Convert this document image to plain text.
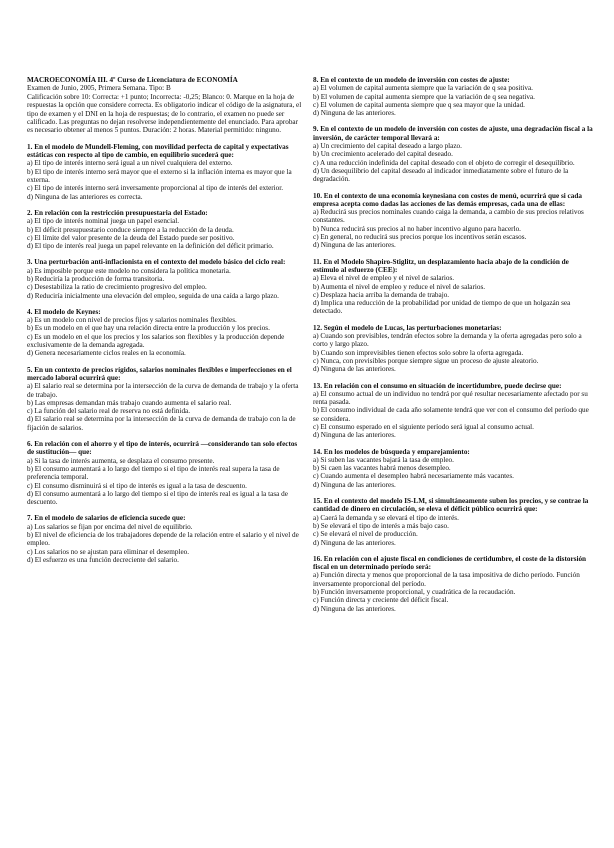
MACROECONOMÍA III. 4º Curso de Licenciatura de ECONOMÍA
Examen de Junio, 2005, Primera Semana. Tipo: B
Calificación sobre 10: Correcta: +1 punto; Incorrecta: -0,25; Blanco: 0. Marque en la hoja de respuestas la opción que considere correcta. Es obligatorio indicar el código de la asignatura, el tipo de examen y el DNI en la hoja de respuestas; de lo contrario, el examen no puede ser calificado. Las preguntas no dejan resolverse independientemente del enunciado. Para aprobar es necesario obtener al menos 5 puntos. Duración: 2 horas. Material permitido: ninguno.
1. En el modelo de Mundell-Fleming, con movilidad perfecta de capital y expectativas estáticas con respecto al tipo de cambio, en equilibrio sucederá que:
a) El tipo de interés interno será igual a un nivel cualquiera del externo.
b) El tipo de interés interno será mayor que el externo si la inflación interna es mayor que la externa.
c) El tipo de interés interno será inversamente proporcional al tipo de interés del exterior.
d) Ninguna de las anteriores es correcta.
2. En relación con la restricción presupuestaria del Estado:
a) El tipo de interés nominal juega un papel esencial.
b) El déficit presupuestario conduce siempre a la reducción de la deuda.
c) El límite del valor presente de la deuda del Estado puede ser positivo.
d) El tipo de interés real juega un papel relevante en la definición del déficit primario.
3. Una perturbación anti-inflacionista en el contexto del modelo básico del ciclo real:
a) Es imposible porque este modelo no considera la política monetaria.
b) Reduciría la producción de forma transitoria.
c) Desestabiliza la ratio de crecimiento progresivo del empleo.
d) Reduciría inicialmente una elevación del empleo, seguida de una caída a largo plazo.
4. El modelo de Keynes:
a) Es un modelo con nivel de precios fijos y salarios nominales flexibles.
b) Es un modelo en el que hay una relación directa entre la producción y los precios.
c) Es un modelo en el que los precios y los salarios son flexibles y la producción depende exclusivamente de la demanda agregada.
d) Genera necesariamente ciclos reales en la economía.
5. En un contexto de precios rígidos, salarios nominales flexibles e imperfecciones en el mercado laboral ocurrirá que:
a) El salario real se determina por la intersección de la curva de demanda de trabajo y la oferta de trabajo.
b) Las empresas demandan más trabajo cuando aumenta el salario real.
c) La función del salario real de reserva no está definida.
d) El salario real se determina por la intersección de la curva de demanda de trabajo con la de fijación de salarios.
6. En relación con el ahorro y el tipo de interés, ocurrirá —considerando tan solo efectos de sustitución— que:
a) Si la tasa de interés aumenta, se desplaza el consumo presente.
b) El consumo aumentará a lo largo del tiempo si el tipo de interés real supera la tasa de preferencia temporal.
c) El consumo disminuirá si el tipo de interés es igual a la tasa de descuento.
d) El consumo aumentará a lo largo del tiempo si el tipo de interés real es igual a la tasa de descuento.
7. En el modelo de salarios de eficiencia sucede que:
a) Los salarios se fijan por encima del nivel de equilibrio.
b) El nivel de eficiencia de los trabajadores depende de la relación entre el salario y el nivel de empleo.
c) Los salarios no se ajustan para eliminar el desempleo.
d) El esfuerzo es una función decreciente del salario.
8. En el contexto de un modelo de inversión con costes de ajuste:
a) El volumen de capital aumenta siempre que la variación de q sea positiva.
b) El volumen de capital aumenta siempre que la variación de q sea negativa.
c) El volumen de capital aumenta siempre que q sea mayor que la unidad.
d) Ninguna de las anteriores.
9. En el contexto de un modelo de inversión con costes de ajuste, una degradación fiscal a la inversión, de carácter temporal llevará a:
a) Un crecimiento del capital deseado a largo plazo.
b) Un crecimiento acelerado del capital deseado.
c) A una reducción indefinida del capital deseado con el objeto de corregir el desequilibrio.
d) Un desequilibrio del capital deseado al indicador inmediatamente sobre el futuro de la degradación.
10. En el contexto de una economía keynesiana con costes de menú, ocurrirá que si cada empresa acepta como dadas las acciones de las demás empresas, cada una de ellas:
a) Reducirá sus precios nominales cuando caiga la demanda, a cambio de sus precios relativos constantes.
b) Nunca reducirá sus precios al no haber incentivo alguno para hacerlo.
c) En general, no reducirá sus precios porque los incentivos serán escasos.
d) Ninguna de las anteriores.
11. En el Modelo Shapiro-Stiglitz, un desplazamiento hacia abajo de la condición de estímulo al esfuerzo (CEE):
a) Eleva el nivel de empleo y el nivel de salarios.
b) Aumenta el nivel de empleo y reduce el nivel de salarios.
c) Desplaza hacia arriba la demanda de trabajo.
d) Implica una reducción de la probabilidad por unidad de tiempo de que un holgazán sea detectado.
12. Según el modelo de Lucas, las perturbaciones monetarias:
a) Cuando son previsibles, tendrán efectos sobre la demanda y la oferta agregadas pero solo a corto y largo plazo.
b) Cuando son imprevisibles tienen efectos solo sobre la oferta agregada.
c) Nunca, con previsibles porque siempre sigue un proceso de ajuste aleatorio.
d) Ninguna de las anteriores.
13. En relación con el consumo en situación de incertidumbre, puede decirse que:
a) El consumo actual de un individuo no tendrá por qué resultar necesariamente afectado por su renta pasada.
b) El consumo individual de cada año solamente tendrá que ver con el consumo del período que se considera.
c) El consumo esperado en el siguiente período será igual al consumo actual.
d) Ninguna de las anteriores.
14. En los modelos de búsqueda y emparejamiento:
a) Si suben las vacantes bajará la tasa de empleo.
b) Si caen las vacantes habrá menos desempleo.
c) Cuando aumenta el desempleo habrá necesariamente más vacantes.
d) Ninguna de las anteriores.
15. En el contexto del modelo IS-LM, si simultáneamente suben los precios, y se contrae la cantidad de dinero en circulación, se eleva el déficit público ocurrirá que:
a) Caerá la demanda y se elevará el tipo de interés.
b) Se elevará el tipo de interés a más bajo caso.
c) Se elevará el nivel de producción.
d) Ninguna de las anteriores.
16. En relación con el ajuste fiscal en condiciones de certidumbre, el coste de la distorsión fiscal en un determinado período será:
a) Función directa y menos que proporcional de la tasa impositiva de dicho período. Función inversamente proporcional del período.
b) Función inversamente proporcional, y cuadrática de la recaudación.
c) Función directa y creciente del déficit fiscal.
d) Ninguna de las anteriores.
